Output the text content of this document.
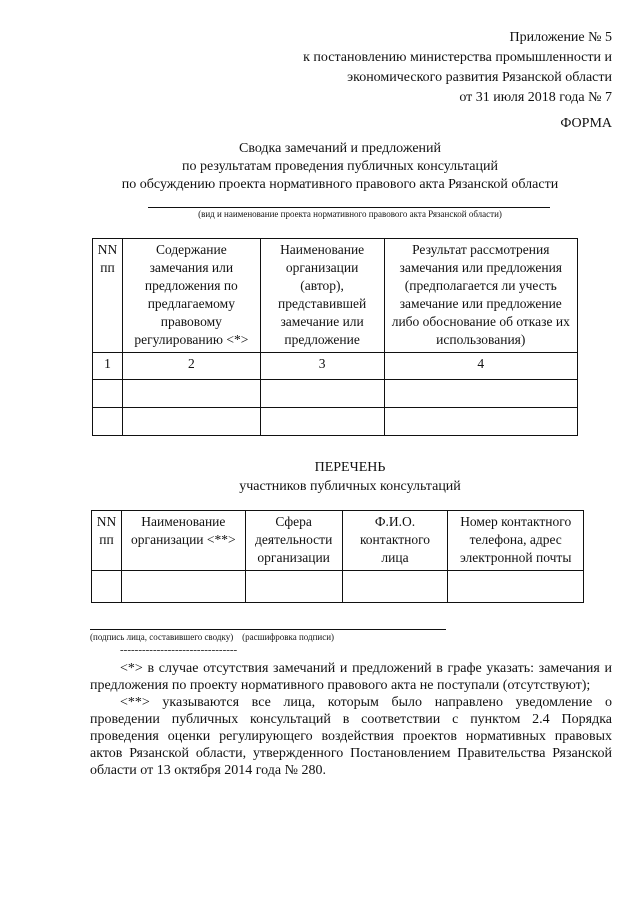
Приложение № 5
к постановлению министерства промышленности и
экономического развития Рязанской области
от 31 июля 2018 года № 7
ФОРМА
Сводка замечаний и предложений
по результатам проведения публичных консультаций
по обсуждению проекта нормативного правового акта Рязанской области
(вид и наименование проекта нормативного правового акта Рязанской области)
NN пп	Содержание замечания или предложения по предлагаемому правовому регулированию <*>	Наименование организации (автор), представившей замечание или предложение	Результат рассмотрения замечания или предложения (предполагается ли учесть замечание или предложение либо обоснование об отказе их использования)
1	2	3	4

ПЕРЕЧЕНЬ
участников публичных консультаций
NN пп	Наименование организации <**>	Сфера деятельности организации	Ф.И.О. контактного лица	Номер контактного телефона, адрес электронной почты

(подпись лица, составившего сводку)    (расшифровка подписи)
--------------------------------

<*> в случае отсутствия замечаний и предложений в графе указать: замечания и предложения по проекту нормативного правового акта не поступали (отсутствуют);

<**> указываются все лица, которым было направлено уведомление о проведении публичных консультаций в соответствии с пунктом 2.4 Порядка проведения оценки регулирующего воздействия проектов нормативных правовых актов Рязанской области, утвержденного Постановлением Правительства Рязанской области от 13 октября 2014 года № 280.
